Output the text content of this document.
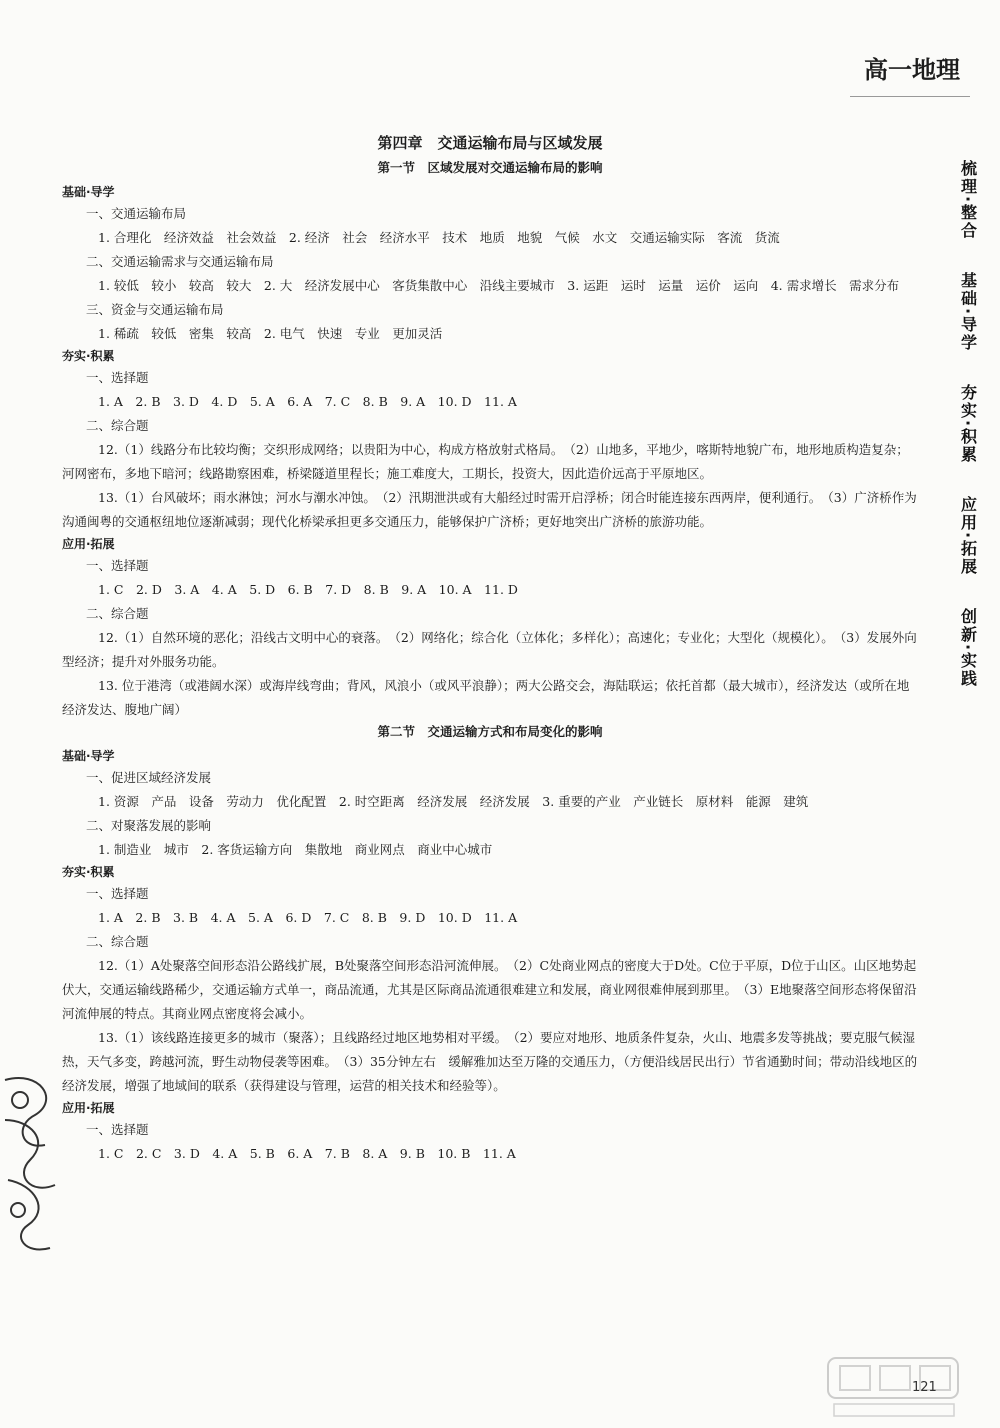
高一地理
梳理·整合
基础·导学
夯实·积累
应用·拓展
创新·实践
第四章　交通运输布局与区域发展
第一节　区域发展对交通运输布局的影响
基础·导学
一、交通运输布局

1. 合理化　经济效益　社会效益　2. 经济　社会　经济水平　技术　地质　地貌　气候　水文　交通运输实际　客流　货流

二、交通运输需求与交通运输布局

1. 较低　较小　较高　较大　2. 大　经济发展中心　客货集散中心　沿线主要城市　3. 运距　运时　运量　运价　运向　4. 需求增长　需求分布

三、资金与交通运输布局

1. 稀疏　较低　密集　较高　2. 电气　快速　专业　更加灵活

夯实·积累
一、选择题

1. A　2. B　3. D　4. D　5. A　6. A　7. C　8. B　9. A　10. D　11. A

二、综合题

12.（1）线路分布比较均衡；交织形成网络；以贵阳为中心，构成方格放射式格局。　（2）山地多，平地少，喀斯特地貌广布，地形地质构造复杂；河网密布，多地下暗河；线路勘察困难，桥梁隧道里程长；施工难度大，工期长，投资大，因此造价远高于平原地区。

13.（1）台风破坏；雨水淋蚀；河水与潮水冲蚀。　（2）汛期泄洪或有大船经过时需开启浮桥；闭合时能连接东西两岸，便利通行。　（3）广济桥作为沟通闽粤的交通枢纽地位逐渐减弱；现代化桥梁承担更多交通压力，能够保护广济桥；更好地突出广济桥的旅游功能。

应用·拓展
一、选择题

1. C　2. D　3. A　4. A　5. D　6. B　7. D　8. B　9. A　10. A　11. D

二、综合题

12.（1）自然环境的恶化；沿线古文明中心的衰落。　（2）网络化；综合化（立体化；多样化）；高速化；专业化；大型化（规模化）。　（3）发展外向型经济；提升对外服务功能。

13. 位于港湾（或港阔水深）或海岸线弯曲；背风，风浪小（或风平浪静）；两大公路交会，海陆联运；依托首都（最大城市），经济发达（或所在地经济发达、腹地广阔）

第二节　交通运输方式和布局变化的影响
基础·导学
一、促进区域经济发展

1. 资源　产品　设备　劳动力　优化配置　2. 时空距离　经济发展　经济发展　3. 重要的产业　产业链长　原材料　能源　建筑

二、对聚落发展的影响

1. 制造业　城市　2. 客货运输方向　集散地　商业网点　商业中心城市

夯实·积累
一、选择题

1. A　2. B　3. B　4. A　5. A　6. D　7. C　8. B　9. D　10. D　11. A

二、综合题

12.（1）A处聚落空间形态沿公路线扩展，B处聚落空间形态沿河流伸展。　（2）C处商业网点的密度大于D处。C位于平原，D位于山区。山区地势起伏大，交通运输线路稀少，交通运输方式单一，商品流通，尤其是区际商品流通很难建立和发展，商业网很难伸展到那里。　（3）E地聚落空间形态将保留沿河流伸展的特点。其商业网点密度将会减小。

13.（1）该线路连接更多的城市（聚落）；且线路经过地区地势相对平缓。　（2）要应对地形、地质条件复杂，火山、地震多发等挑战；要克服气候湿热，天气多变，跨越河流，野生动物侵袭等困难。　（3）35分钟左右　缓解雅加达至万隆的交通压力，（方便沿线居民出行）节省通勤时间；带动沿线地区的经济发展，增强了地域间的联系（获得建设与管理，运营的相关技术和经验等）。

应用·拓展
一、选择题

1. C　2. C　3. D　4. A　5. B　6. A　7. B　8. A　9. B　10. B　11. A

121
